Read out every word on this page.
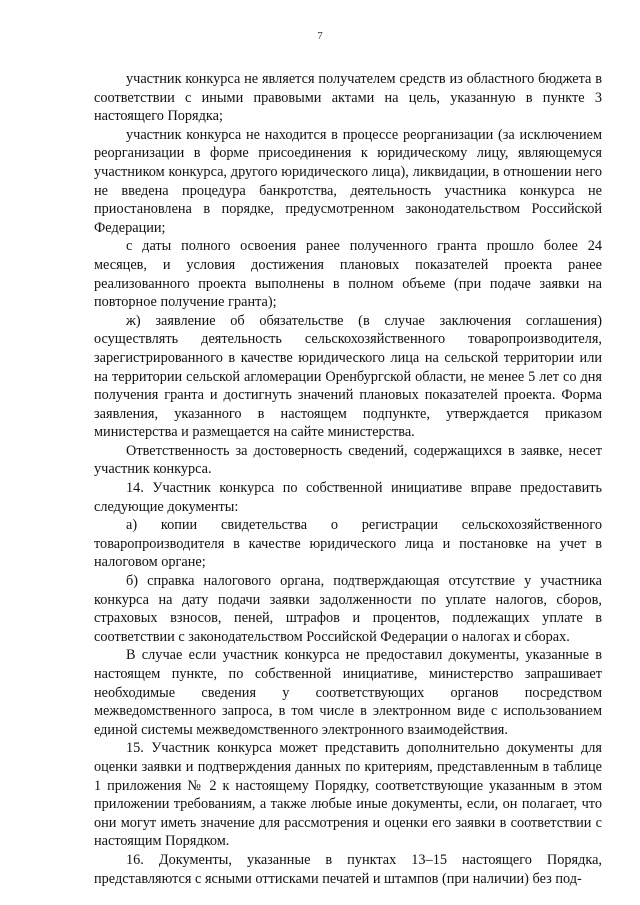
7

участник конкурса не является получателем средств из областного бюджета в соответствии с иными правовыми актами на цель, указанную в пункте 3 настоящего Порядка;

участник конкурса не находится в процессе реорганизации (за исключением реорганизации в форме присоединения к юридическому лицу, являющемуся участником конкурса, другого юридического лица), ликвидации, в отношении него не введена процедура банкротства, деятельность участника конкурса не приостановлена в порядке, предусмотренном законодательством Российской Федерации;

с даты полного освоения ранее полученного гранта прошло более 24 месяцев, и условия достижения плановых показателей проекта ранее реализованного проекта выполнены в полном объеме (при подаче заявки на повторное получение гранта);

ж) заявление об обязательстве (в случае заключения соглашения) осуществлять деятельность сельскохозяйственного товаропроизводителя, зарегистрированного в качестве юридического лица на сельской территории или на территории сельской агломерации Оренбургской области, не менее 5 лет со дня получения гранта и достигнуть значений плановых показателей проекта. Форма заявления, указанного в настоящем подпункте, утверждается приказом министерства и размещается на сайте министерства.

Ответственность за достоверность сведений, содержащихся в заявке, несет участник конкурса.

14. Участник конкурса по собственной инициативе вправе предоставить следующие документы:

а) копии свидетельства о регистрации сельскохозяйственного товаропроизводителя в качестве юридического лица и постановке на учет в налоговом органе;

б) справка налогового органа, подтверждающая отсутствие у участника конкурса на дату подачи заявки задолженности по уплате налогов, сборов, страховых взносов, пеней, штрафов и процентов, подлежащих уплате в соответствии с законодательством Российской Федерации о налогах и сборах.

В случае если участник конкурса не предоставил документы, указанные в настоящем пункте, по собственной инициативе, министерство запрашивает необходимые сведения у соответствующих органов посредством межведомственного запроса, в том числе в электронном виде с использованием единой системы межведомственного электронного взаимодействия.

15. Участник конкурса может представить дополнительно документы для оценки заявки и подтверждения данных по критериям, представленным в таблице 1 приложения № 2 к настоящему Порядку, соответствующие указанным в этом приложении требованиям, а также любые иные документы, если, он полагает, что они могут иметь значение для рассмотрения и оценки его заявки в соответствии с настоящим Порядком.

16. Документы, указанные в пунктах 13–15 настоящего Порядка, представляются с ясными оттисками печатей и штампов (при наличии) без под-
